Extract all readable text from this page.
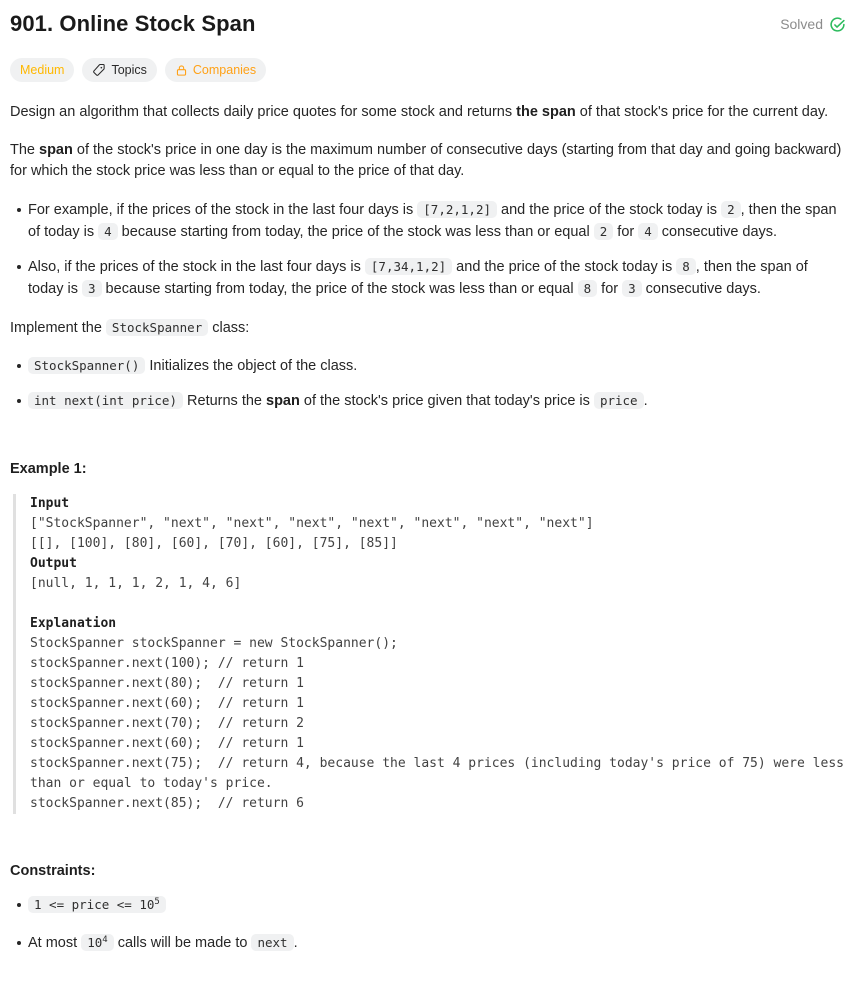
901. Online Stock Span	Solved
Medium	Topics	Companies

Design an algorithm that collects daily price quotes for some stock and returns the span of that stock's price for the current day.

The span of the stock's price in one day is the maximum number of consecutive days (starting from that day and going backward) for which the stock price was less than or equal to the price of that day.

For example, if the prices of the stock in the last four days is [7,2,1,2] and the price of the stock today is 2 , then the span of today is 4 because starting from today, the price of the stock was less than or equal 2 for 4 consecutive days.
Also, if the prices of the stock in the last four days is [7,34,1,2] and the price of the stock today is 8 , then the span of today is 3 because starting from today, the price of the stock was less than or equal 8 for 3 consecutive days.

Implement the StockSpanner class:

StockSpanner() Initializes the object of the class.
int next(int price) Returns the span of the stock's price given that today's price is price .
Example 1:
Input
["StockSpanner", "next", "next", "next", "next", "next", "next", "next"]
[[], [100], [80], [60], [70], [60], [75], [85]]
Output
[null, 1, 1, 1, 2, 1, 4, 6]

Explanation
StockSpanner stockSpanner = new StockSpanner();
stockSpanner.next(100); // return 1
stockSpanner.next(80);  // return 1
stockSpanner.next(60);  // return 1
stockSpanner.next(70);  // return 2
stockSpanner.next(60);  // return 1
stockSpanner.next(75);  // return 4, because the last 4 prices (including today's price of 75) were less than or equal to today's price.
stockSpanner.next(85);  // return 6
Constraints:
1 <= price <= $10^5$
At most $10^4$ calls will be made to next .
